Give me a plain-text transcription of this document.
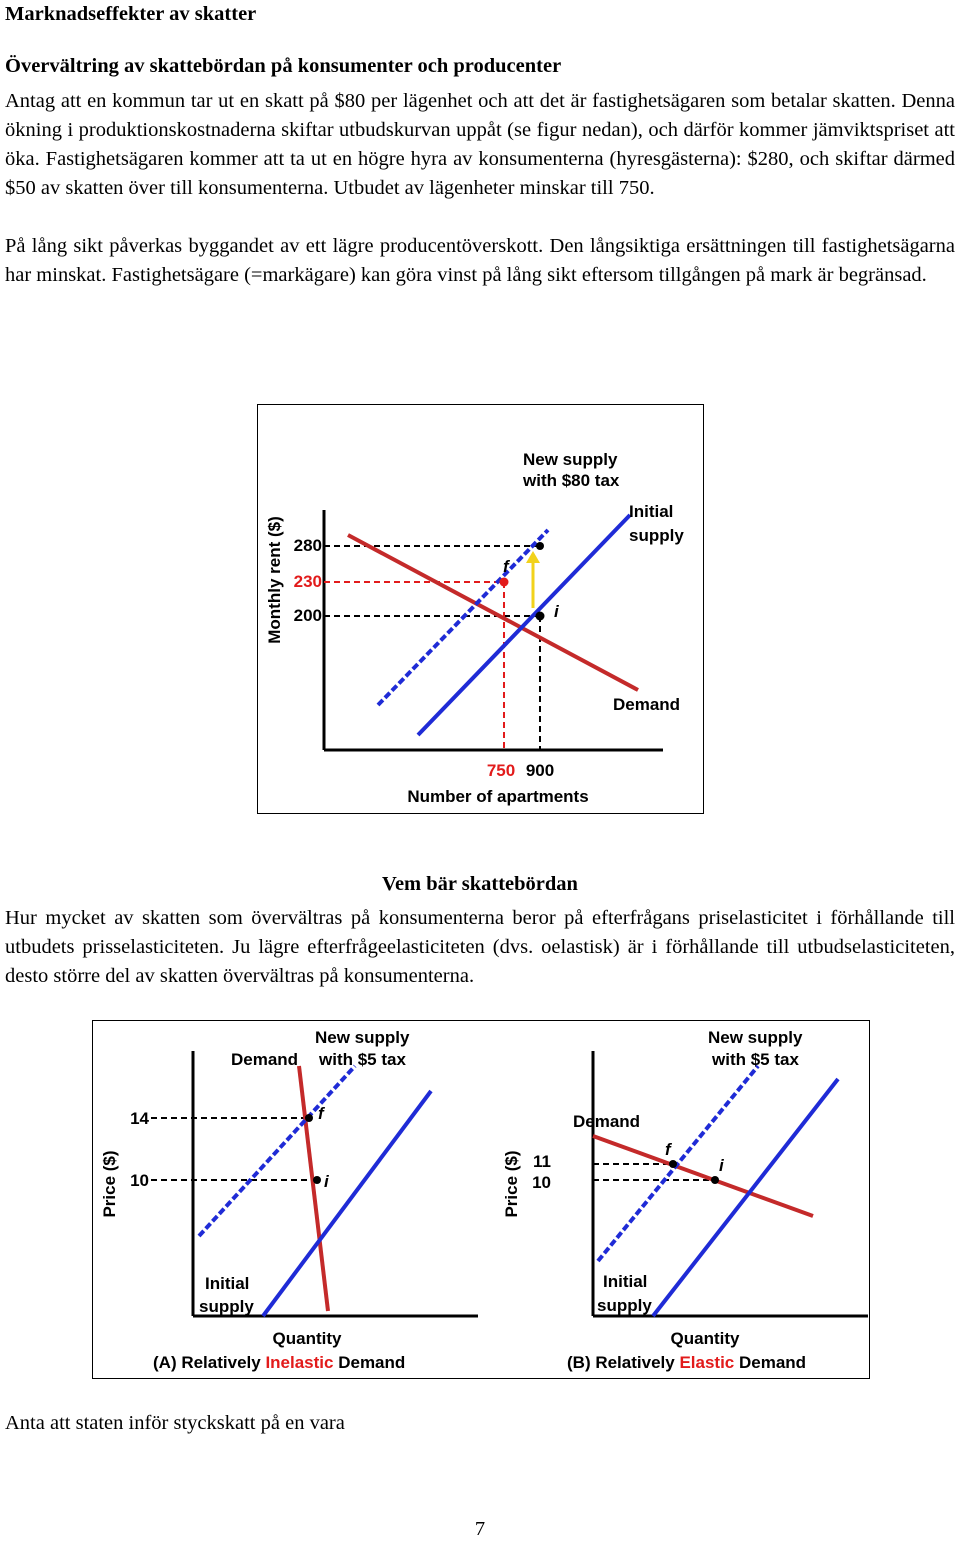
Marknadseffekter av skatter
Övervältring av skattebördan på konsumenter och producenter
Antag att en kommun tar ut en skatt på $80 per lägenhet och att det är fastighetsägaren som betalar skatten. Denna ökning i produktionskostnaderna skiftar utbudskurvan uppåt (se figur nedan), och därför kommer jämviktspriset att öka. Fastighetsägaren kommer att ta ut en högre hyra av konsumenterna (hyresgästerna): $280, och skiftar därmed $50 av skatten över till konsumenterna. Utbudet av lägenheter minskar till 750.
På lång sikt påverkas byggandet av ett lägre producentöverskott. Den långsiktiga ersättningen till fastighetsägarna har minskat. Fastighetsägare (=markägare) kan göra vinst på lång sikt eftersom tillgången på mark är begränsad.
Monthly rent ($) 280
230
200
750 900
Number of apartments
New supply
with $80 tax
Initial
supply
Demand
f
i
Vem bär skattebördan
Hur mycket av skatten som övervältras på konsumenterna beror på efterfrågans priselasticitet i förhållande till utbudets prisselasticiteten. Ju lägre efterfrågeelasticiteten (dvs. oelastisk) är i förhållande till utbudselasticiteten, desto större del av skatten övervältras på konsumenterna.
Price ($)
14
10
Demand
New supply
with $5 tax
Initial
supply
f
i
Quantity
(A) Relatively Inelastic Demand
Price ($) 11
10
Demand
New supply
with $5 tax
Initial
supply
f
i
Quantity
(B) Relatively Elastic Demand
Anta att staten inför styckskatt på en vara
7
